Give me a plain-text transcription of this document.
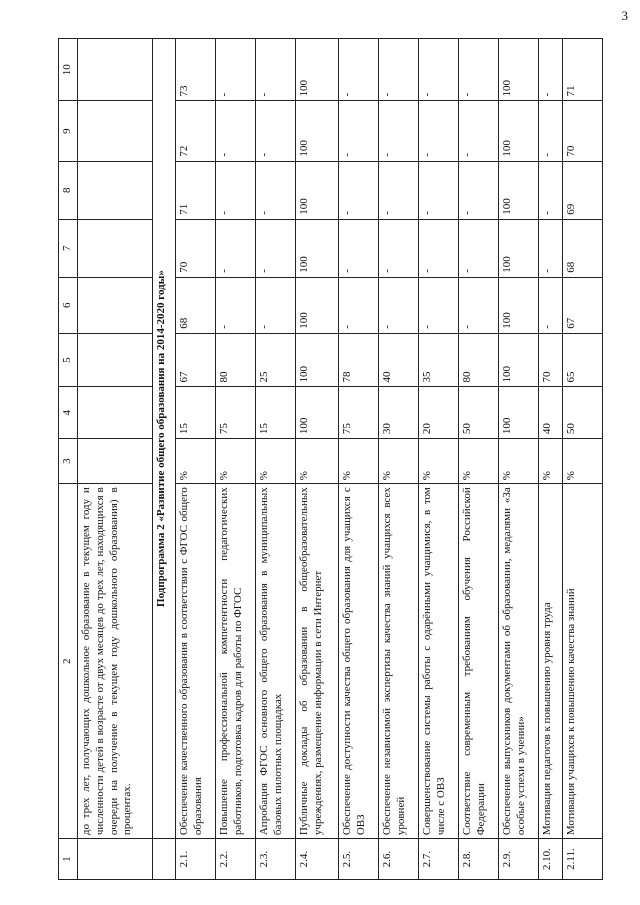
3
1	2	3	4	5	6	7	8	9	10
	до трех лет, получающих дошкольное образование в текущем году и численности детей в возрасте от двух месяцев до трех лет, находящихся в очереди на получение в текущем году дошкольного образования) в процентах.								
	Подпрограмма 2 «Развитие общего образования на 2014-2020 годы»								
2.1.	Обеспечение качественного образования в соответствии с ФГОС общего образования	%	15	67	68	70	71	72	73
2.2.	Повышение профессиональной компетентности педагогических работников, подготовка кадров для работы по ФГОС	%	75	80	-	-	-	-	-
2.3.	Апробация ФГОС основного общего образования в муниципальных базовых пилотных площадках	%	15	25	-	-	-	-	-
2.4.	Публичные доклады об образовании в общеобразовательных учреждениях, размещение информации в сети Интернет	%	100	100	100	100	100	100	100
2.5.	Обеспечение доступности качества общего образования для учащихся с ОВЗ	%	75	78	-	-	-	-	-
2.6.	Обеспечение независимой экспертизы качества знаний учащихся всех уровней	%	30	40	-	-	-	-	-
2.7.	Совершенствование системы работы с одарёнными учащимися, в том числе с ОВЗ	%	20	35	-	-	-	-	-
2.8.	Соответствие современным требованиям обучения Российской Федерации	%	50	80	-	-	-	-	-
2.9.	Обеспечение выпускников документами об образовании, медалями «За особые успехи в учении»	%	100	100	100	100	100	100	100
2.10.	Мотивация педагогов к повышению уровня труда	%	40	70	-	-	-	-	-
2.11.	Мотивация учащихся к повышению качества знаний	%	50	65	67	68	69	70	71
